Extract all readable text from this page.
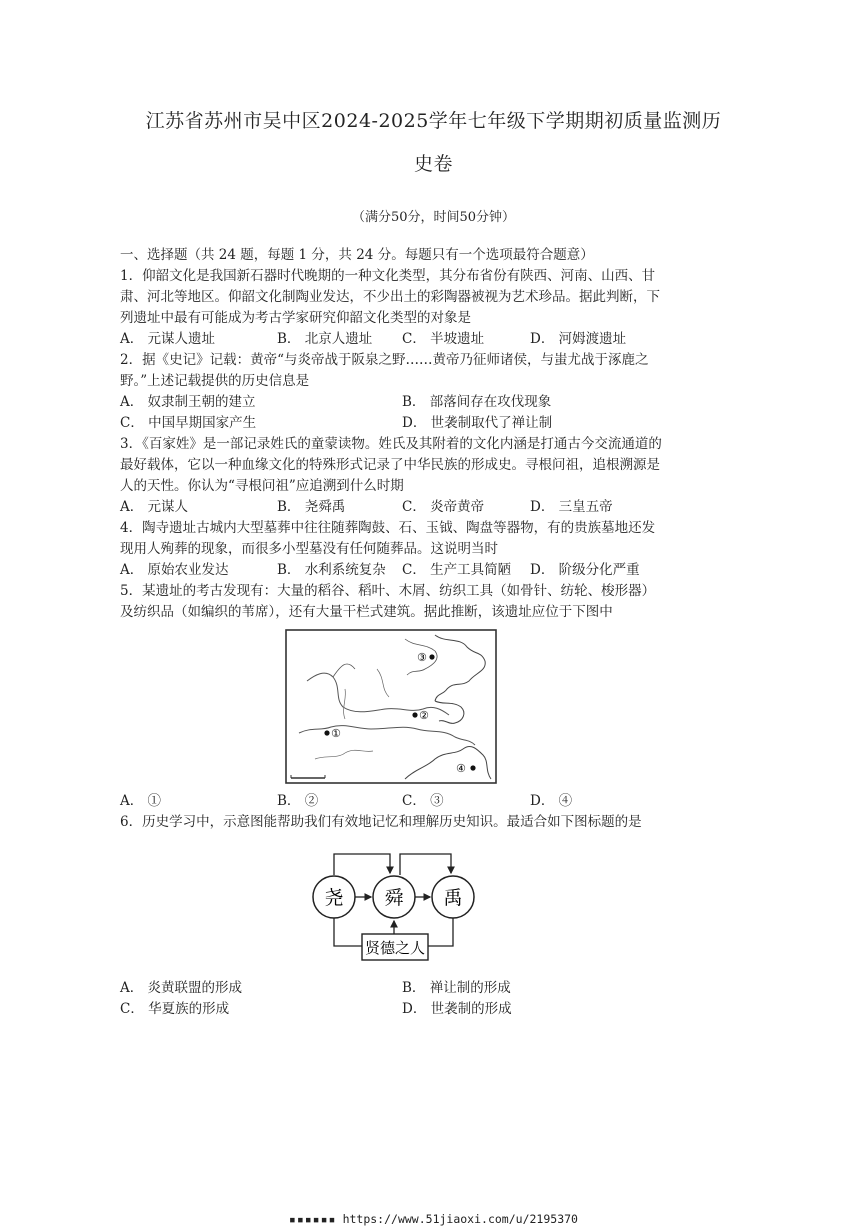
江苏省苏州市吴中区2024-2025学年七年级下学期期初质量监测历
史卷
（满分50分，时间50分钟）
一、选择题（共 24 题，每题 1 分，共 24 分。每题只有一个选项最符合题意）
1．仰韶文化是我国新石器时代晚期的一种文化类型，其分布省份有陕西、河南、山西、甘
肃、河北等地区。仰韶文化制陶业发达，不少出土的彩陶器被视为艺术珍品。据此判断，下
列遗址中最有可能成为考古学家研究仰韶文化类型的对象是
A． 元谋人遗址	B． 北京人遗址 C． 半坡遗址	D． 河姆渡遗址
2．据《史记》记载：黄帝“与炎帝战于阪泉之野……黄帝乃征师诸侯，与蚩尤战于涿鹿之
野。”上述记载提供的历史信息是
A． 奴隶制王朝的建立	B． 部落间存在攻伐现象
C． 中国早期国家产生	D． 世袭制取代了禅让制
3．《百家姓》是一部记录姓氏的童蒙读物。姓氏及其附着的文化内涵是打通古今交流通道的
最好载体，它以一种血缘文化的特殊形式记录了中华民族的形成史。寻根问祖，追根溯源是
人的天性。你认为“寻根问祖”应追溯到什么时期
A． 元谋人	B． 尧舜禹	C． 炎帝黄帝	D． 三皇五帝
4．陶寺遗址古城内大型墓葬中往往随葬陶鼓、石、玉钺、陶盘等器物，有的贵族墓地还发
现用人殉葬的现象，而很多小型墓没有任何随葬品。这说明当时
A． 原始农业发达	B． 水利系统复杂 C． 生产工具简陋 D． 阶级分化严重
5．某遗址的考古发现有：大量的稻谷、稻叶、木屑、纺织工具（如骨针、纺轮、梭形器）
及纺织品（如编织的苇席），还有大量干栏式建筑。据此推断，该遗址应位于下图中
①
②
③
④
A． ①	B． ②	C． ③	D． ④
6．历史学习中，示意图能帮助我们有效地记忆和理解历史知识。最适合如下图标题的是
尧 舜 禹
贤德之人
A． 炎黄联盟的形成	B． 禅让制的形成
C． 华夏族的形成	D． 世袭制的形成
▪▪▪▪▪▪ https://www.51jiaoxi.com/u/2195370
